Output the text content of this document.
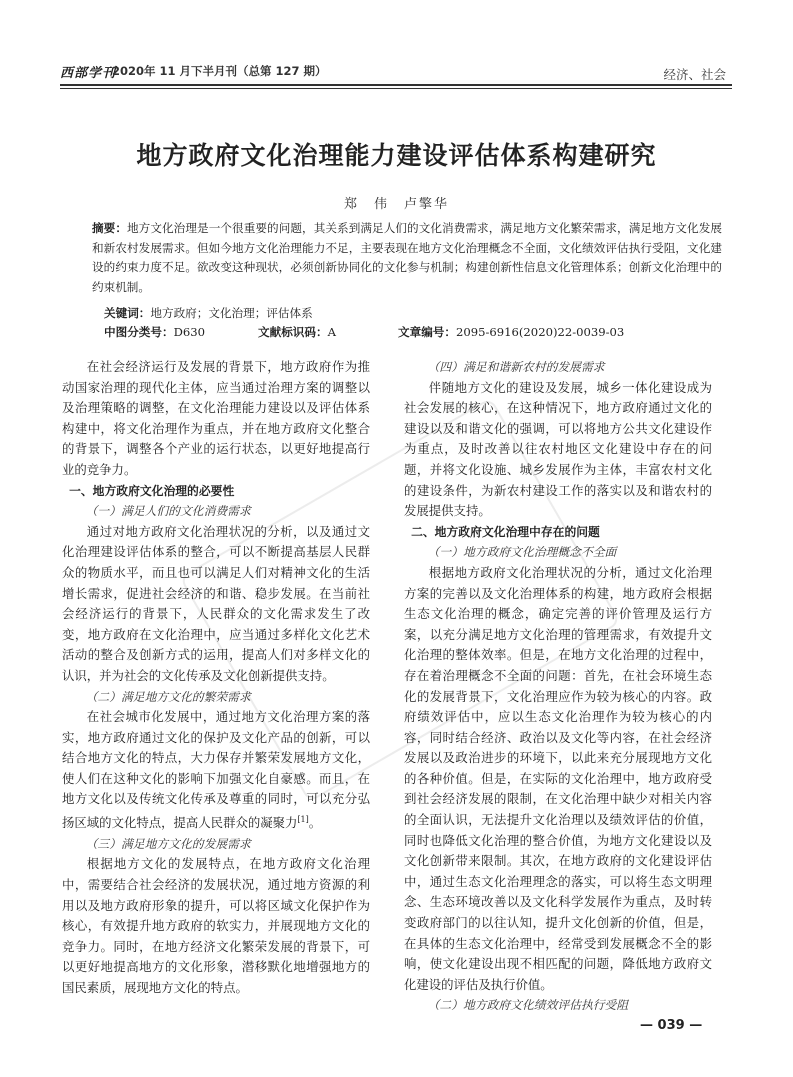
西部学刊
2020年 11 月下半月刊（总第 127 期）	经济、社会
地方政府文化治理能力建设评估体系构建研究
郑　伟　卢擎华
摘要：地方文化治理是一个很重要的问题，其关系到满足人们的文化消费需求，满足地方文化繁荣需求，满足地方文化发展和新农村发展需求。但如今地方文化治理能力不足，主要表现在地方文化治理概念不全面，文化绩效评估执行受阻，文化建设的约束力度不足。欲改变这种现状，必须创新协同化的文化参与机制；构建创新性信息文化管理体系；创新文化治理中的约束机制。
关键词：地方政府；文化治理；评估体系
中图分类号：D630	文献标识码：A	文章编号：2095-6916(2020)22-0039-03

在社会经济运行及发展的背景下，地方政府作为推动国家治理的现代化主体，应当通过治理方案的调整以及治理策略的调整，在文化治理能力建设以及评估体系构建中，将文化治理作为重点，并在地方政府文化整合的背景下，调整各个产业的运行状态，以更好地提高行业的竞争力。

一、地方政府文化治理的必要性

（一）满足人们的文化消费需求

通过对地方政府文化治理状况的分析，以及通过文化治理建设评估体系的整合，可以不断提高基层人民群众的物质水平，而且也可以满足人们对精神文化的生活增长需求，促进社会经济的和谐、稳步发展。在当前社会经济运行的背景下，人民群众的文化需求发生了改变，地方政府在文化治理中，应当通过多样化文化艺术活动的整合及创新方式的运用，提高人们对多样文化的认识，并为社会的文化传承及文化创新提供支持。

（二）满足地方文化的繁荣需求

在社会城市化发展中，通过地方文化治理方案的落实，地方政府通过文化的保护及文化产品的创新，可以结合地方文化的特点，大力保存并繁荣发展地方文化，使人们在这种文化的影响下加强文化自豪感。而且，在地方文化以及传统文化传承及尊重的同时，可以充分弘扬区域的文化特点，提高人民群众的凝聚力[1]。

（三）满足地方文化的发展需求

根据地方文化的发展特点，在地方政府文化治理中，需要结合社会经济的发展状况，通过地方资源的利用以及地方政府形象的提升，可以将区域文化保护作为核心，有效提升地方政府的软实力，并展现地方文化的竞争力。同时，在地方经济文化繁荣发展的背景下，可以更好地提高地方的文化形象，潜移默化地增强地方的国民素质，展现地方文化的特点。

（四）满足和谐新农村的发展需求

伴随地方文化的建设及发展，城乡一体化建设成为社会发展的核心，在这种情况下，地方政府通过文化的建设以及和谐文化的强调，可以将地方公共文化建设作为重点，及时改善以往农村地区文化建设中存在的问题，并将文化设施、城乡发展作为主体，丰富农村文化的建设条件，为新农村建设工作的落实以及和谐农村的发展提供支持。

二、地方政府文化治理中存在的问题

（一）地方政府文化治理概念不全面

根据地方政府文化治理状况的分析，通过文化治理方案的完善以及文化治理体系的构建，地方政府会根据生态文化治理的概念，确定完善的评价管理及运行方案，以充分满足地方文化治理的管理需求，有效提升文化治理的整体效率。但是，在地方文化治理的过程中，存在着治理概念不全面的问题：首先，在社会环境生态化的发展背景下，文化治理应作为较为核心的内容。政府绩效评估中，应以生态文化治理作为较为核心的内容，同时结合经济、政治以及文化等内容，在社会经济发展以及政治进步的环境下，以此来充分展现地方文化的各种价值。但是，在实际的文化治理中，地方政府受到社会经济发展的限制，在文化治理中缺少对相关内容的全面认识，无法提升文化治理以及绩效评估的价值，同时也降低文化治理的整合价值，为地方文化建设以及文化创新带来限制。其次，在地方政府的文化建设评估中，通过生态文化治理理念的落实，可以将生态文明理念、生态环境改善以及文化科学发展作为重点，及时转变政府部门的以往认知，提升文化创新的价值，但是，在具体的生态文化治理中，经常受到发展概念不全的影响，使文化建设出现不相匹配的问题，降低地方政府文化建设的评估及执行价值。

（二）地方政府文化绩效评估执行受阻

— 039 —
